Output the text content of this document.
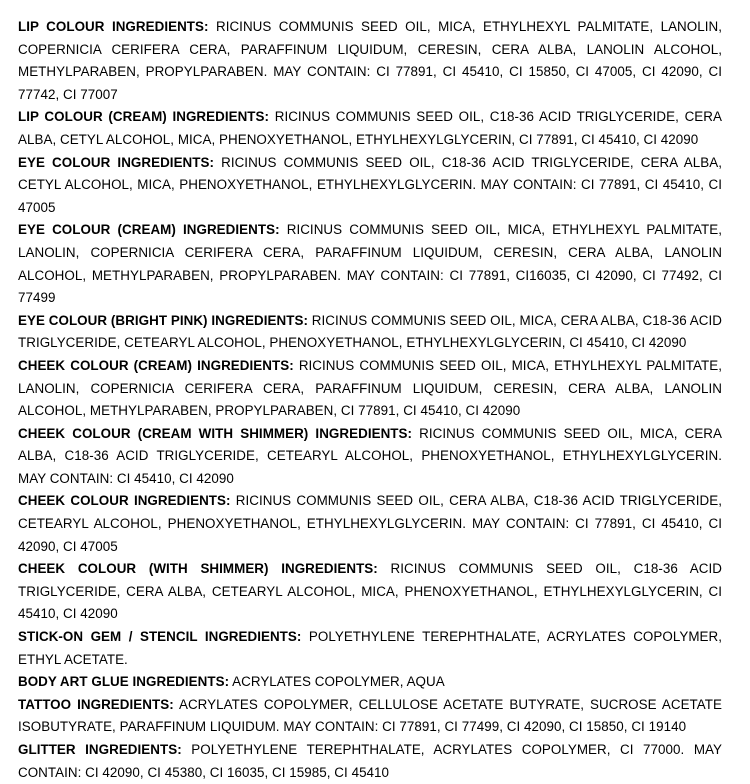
LIP COLOUR INGREDIENTS: RICINUS COMMUNIS SEED OIL, MICA, ETHYLHEXYL PALMITATE, LANOLIN, COPERNICIA CERIFERA CERA, PARAFFINUM LIQUIDUM, CERESIN, CERA ALBA, LANOLIN ALCOHOL, METHYLPARABEN, PROPYLPARABEN. MAY CONTAIN: CI 77891, CI 45410, CI 15850, CI 47005, CI 42090, CI 77742, CI 77007

LIP COLOUR (CREAM) INGREDIENTS: RICINUS COMMUNIS SEED OIL, C18-36 ACID TRIGLYCERIDE, CERA ALBA, CETYL ALCOHOL, MICA, PHENOXYETHANOL, ETHYLHEXYLGLYCERIN, CI 77891, CI 45410, CI 42090

EYE COLOUR INGREDIENTS: RICINUS COMMUNIS SEED OIL, C18-36 ACID TRIGLYCERIDE, CERA ALBA, CETYL ALCOHOL, MICA, PHENOXYETHANOL, ETHYLHEXYLGLYCERIN. MAY CONTAIN: CI 77891, CI 45410, CI 47005

EYE COLOUR (CREAM) INGREDIENTS: RICINUS COMMUNIS SEED OIL, MICA, ETHYLHEXYL PALMITATE, LANOLIN, COPERNICIA CERIFERA CERA, PARAFFINUM LIQUIDUM, CERESIN, CERA ALBA, LANOLIN ALCOHOL, METHYLPARABEN, PROPYLPARABEN. MAY CONTAIN: CI 77891, CI16035, CI 42090, CI 77492, CI 77499

EYE COLOUR (BRIGHT PINK) INGREDIENTS: RICINUS COMMUNIS SEED OIL, MICA, CERA ALBA, C18-36 ACID TRIGLYCERIDE, CETEARYL ALCOHOL, PHENOXYETHANOL, ETHYLHEXYLGLYCERIN, CI 45410, CI 42090

CHEEK COLOUR (CREAM) INGREDIENTS: RICINUS COMMUNIS SEED OIL, MICA, ETHYLHEXYL PALMITATE, LANOLIN, COPERNICIA CERIFERA CERA, PARAFFINUM LIQUIDUM, CERESIN, CERA ALBA, LANOLIN ALCOHOL, METHYLPARABEN, PROPYLPARABEN, CI 77891, CI 45410, CI 42090

CHEEK COLOUR (CREAM WITH SHIMMER) INGREDIENTS: RICINUS COMMUNIS SEED OIL, MICA, CERA ALBA, C18-36 ACID TRIGLYCERIDE, CETEARYL ALCOHOL, PHENOXYETHANOL, ETHYLHEXYLGLYCERIN. MAY CONTAIN: CI 45410, CI 42090

CHEEK COLOUR INGREDIENTS: RICINUS COMMUNIS SEED OIL, CERA ALBA, C18-36 ACID TRIGLYCERIDE, CETEARYL ALCOHOL, PHENOXYETHANOL, ETHYLHEXYLGLYCERIN. MAY CONTAIN: CI 77891, CI 45410, CI 42090, CI 47005

CHEEK COLOUR (WITH SHIMMER) INGREDIENTS: RICINUS COMMUNIS SEED OIL, C18-36 ACID TRIGLYCERIDE, CERA ALBA, CETEARYL ALCOHOL, MICA, PHENOXYETHANOL, ETHYLHEXYLGLYCERIN, CI 45410, CI 42090

STICK-ON GEM / STENCIL INGREDIENTS: POLYETHYLENE TEREPHTHALATE, ACRYLATES COPOLYMER, ETHYL ACETATE.

BODY ART GLUE INGREDIENTS: ACRYLATES COPOLYMER, AQUA

TATTOO INGREDIENTS: ACRYLATES COPOLYMER, CELLULOSE ACETATE BUTYRATE, SUCROSE ACETATE ISOBUTYRATE, PARAFFINUM LIQUIDUM. MAY CONTAIN: CI 77891, CI 77499, CI 42090, CI 15850, CI 19140

GLITTER INGREDIENTS: POLYETHYLENE TEREPHTHALATE, ACRYLATES COPOLYMER, CI 77000. MAY CONTAIN: CI 42090, CI 45380, CI 16035, CI 15985, CI 45410
